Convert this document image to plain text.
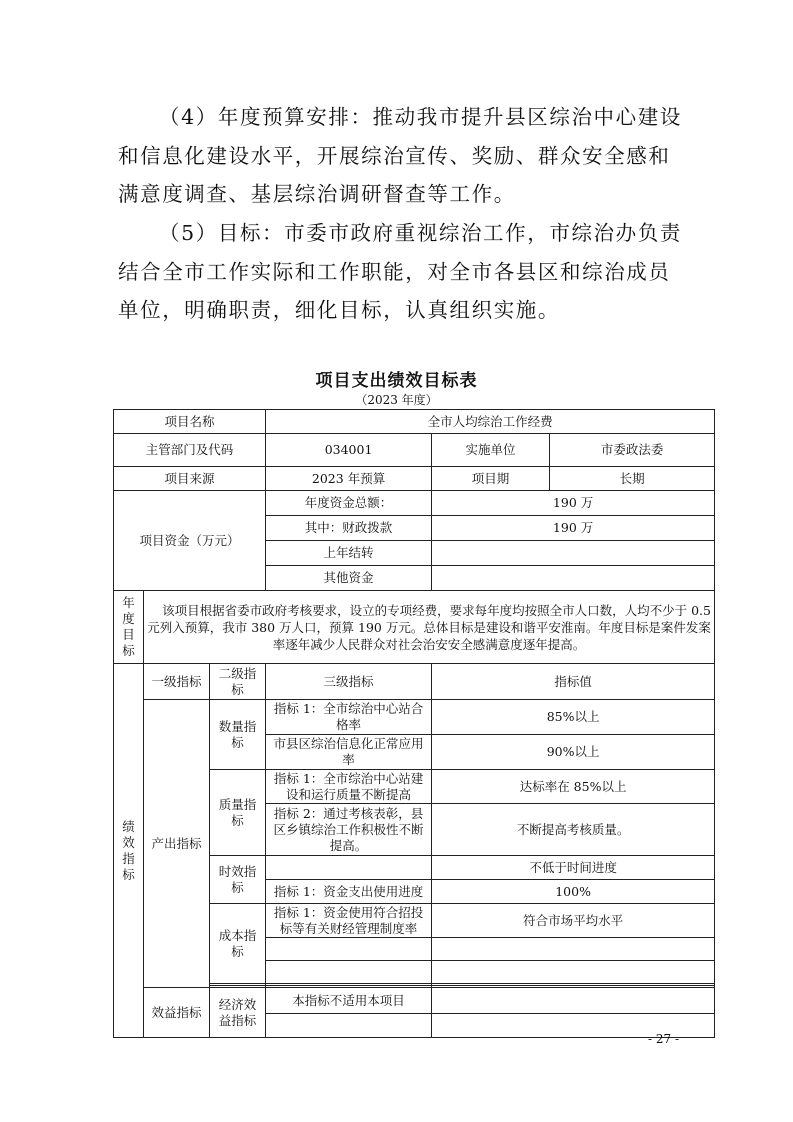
（4）年度预算安排：推动我市提升县区综治中心建设和信息化建设水平，开展综治宣传、奖励、群众安全感和满意度调查、基层综治调研督查等工作。

（5）目标：市委市政府重视综治工作，市综治办负责结合全市工作实际和工作职能，对全市各县区和综治成员单位，明确职责，细化目标，认真组织实施。

项目支出绩效目标表
（2023 年度）
项目名称			全市人均综治工作经费		
主管部门及代码			034001	实施单位	市委政法委
项目来源			2023 年预算	项目期	长期
项目资金（万元）			年度资金总额：	190 万	
			其中：财政拨款	190 万	
			上年结转		
			其他资金		
年度目标	该项目根据省委市政府考核要求，设立的专项经费，要求每年度均按照全市人口数，人均不少于 0.5 元列入预算，我市 380 万人口，预算 190 万元。总体目标是建设和谐平安淮南。年度目标是案件发案率逐年减少人民群众对社会治安安全感满意度逐年提高。				
绩效指标	一级指标	二级指标	三级指标	指标值	
	产出指标	数量指标	指标 1：全市综治中心站合格率	85%以上	
			市县区综治信息化正常应用率	90%以上	
		质量指标	指标 1：全市综治中心站建设和运行质量不断提高	达标率在 85%以上	
			指标 2：通过考核表彰，县区乡镇综治工作积极性不断提高。	不断提高考核质量。	
		时效指标		不低于时间进度	
			指标 1：资金支出使用进度	100%	
		成本指标	指标 1：资金使用符合招投标等有关财经管理制度率	符合市场平均水平	

	效益指标	经济效益指标	本指标不适用本项目		

- 27 -
